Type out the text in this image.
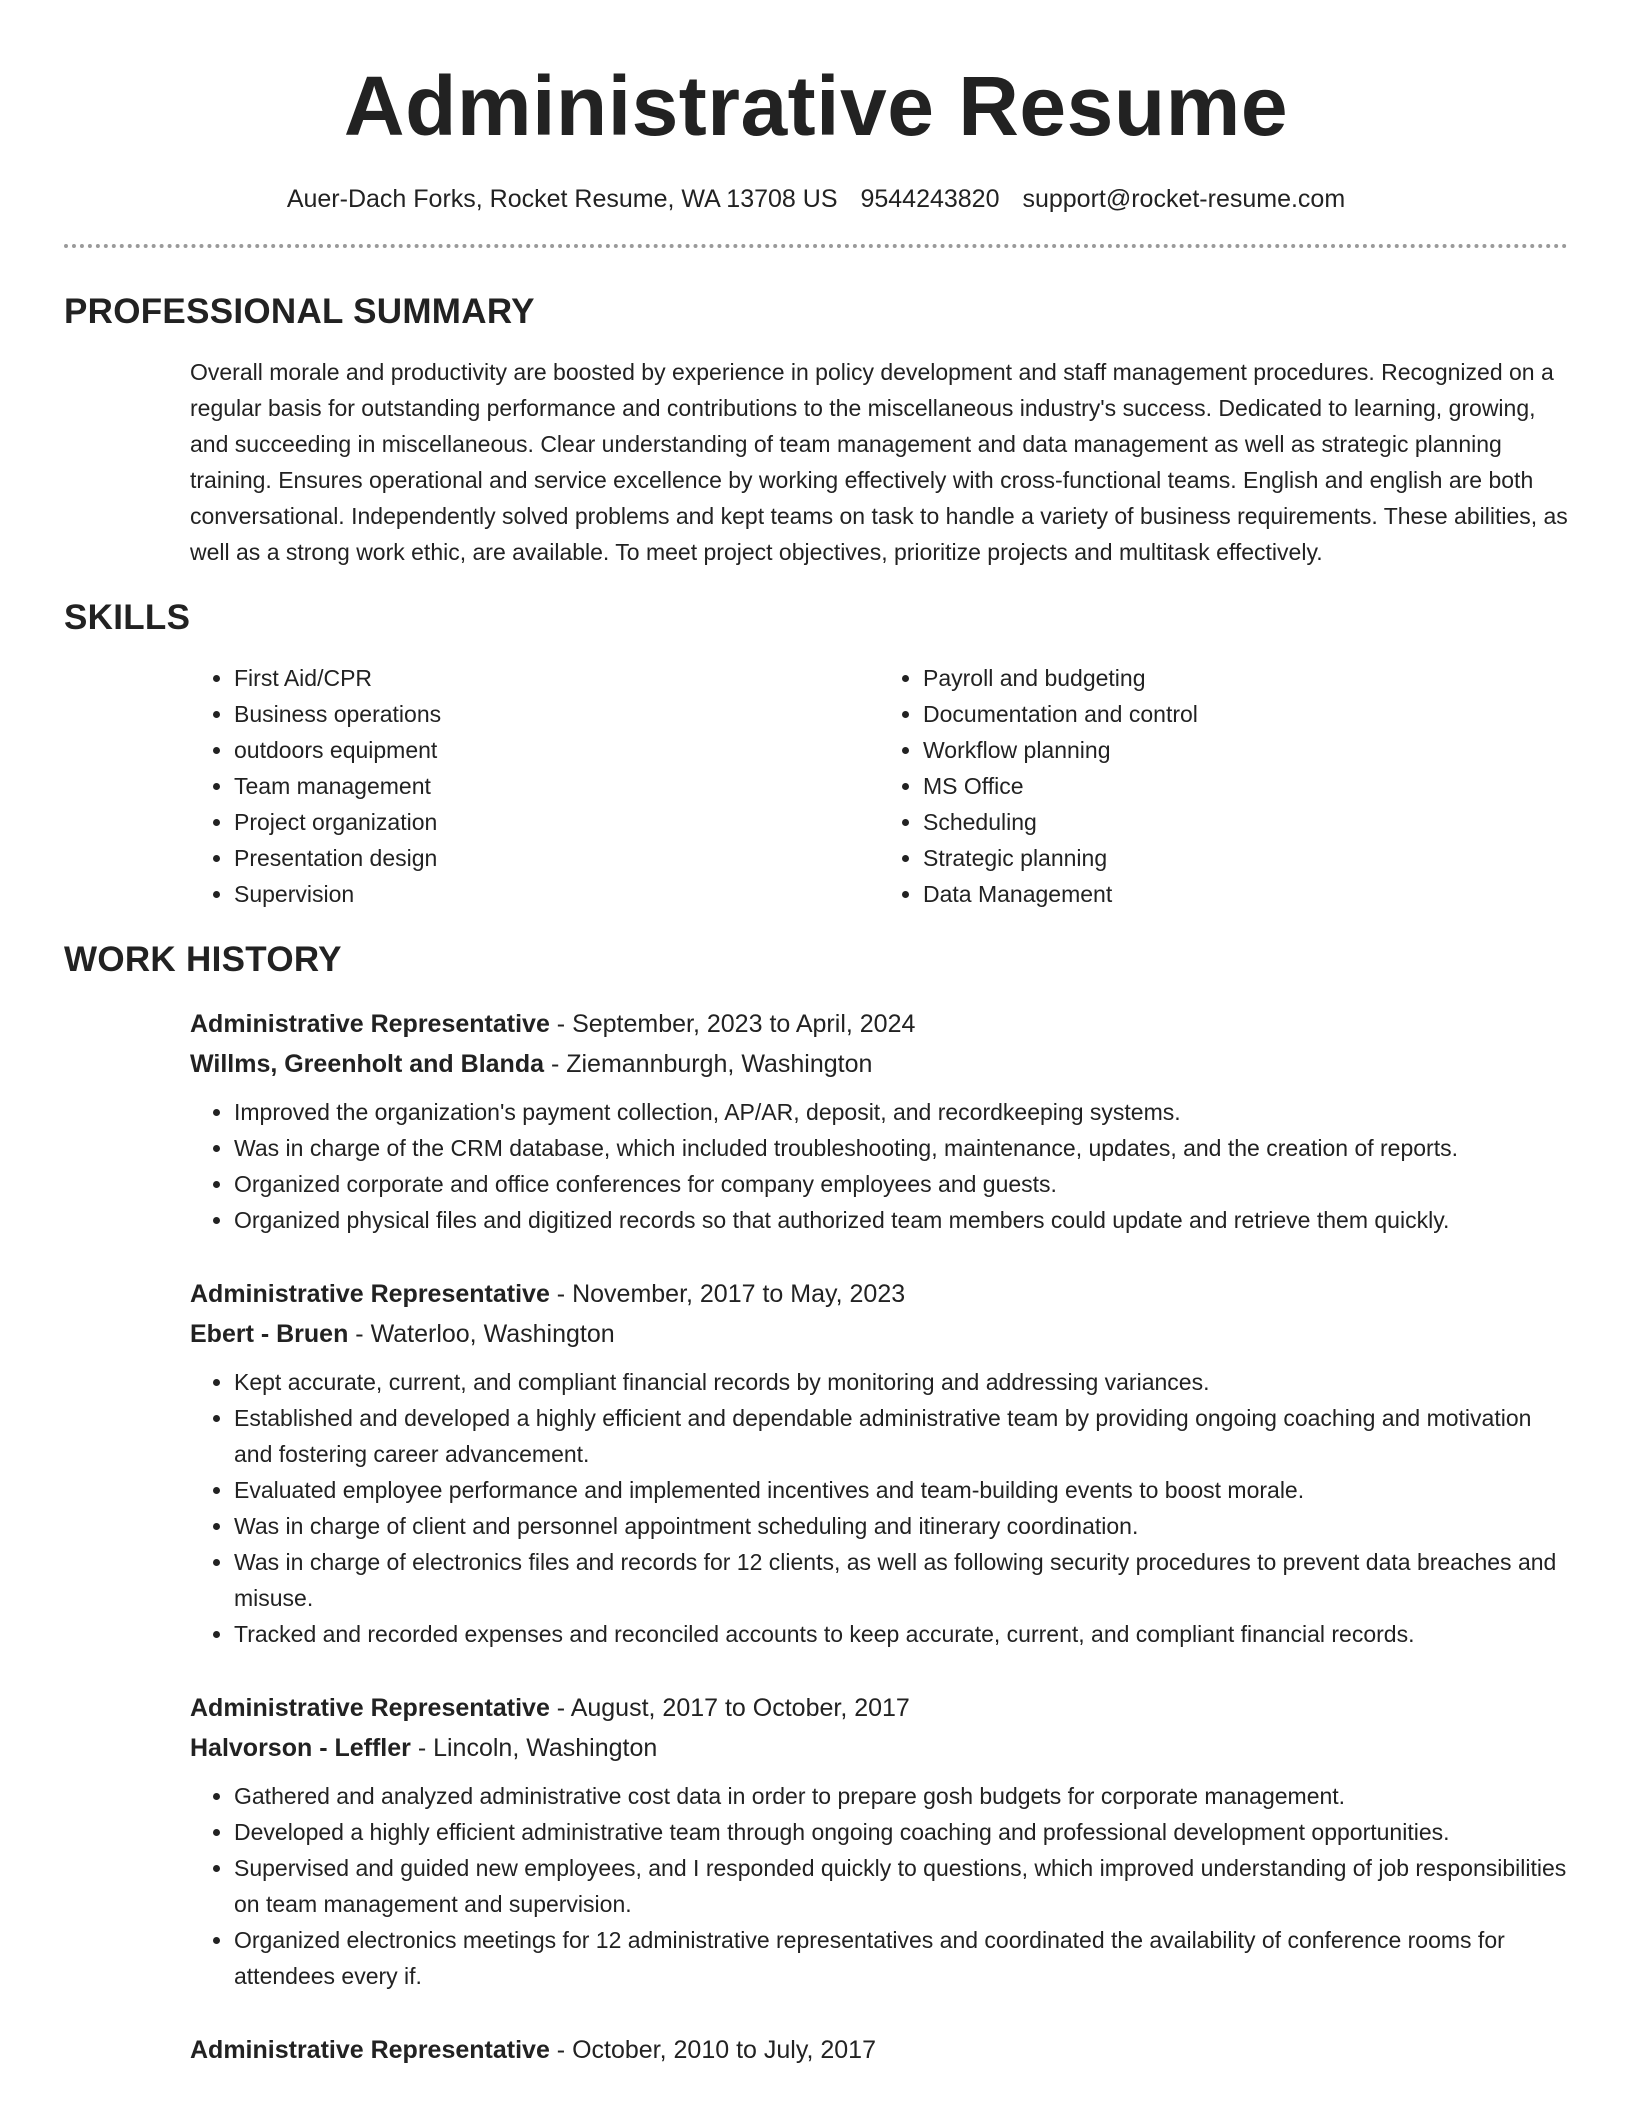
Administrative Resume
Auer-Dach Forks, Rocket Resume, WA 13708 US 9544243820 support@rocket-resume.com
PROFESSIONAL SUMMARY
Overall morale and productivity are boosted by experience in policy development and staff management procedures. Recognized on a regular basis for outstanding performance and contributions to the miscellaneous industry's success. Dedicated to learning, growing, and succeeding in miscellaneous. Clear understanding of team management and data management as well as strategic planning training. Ensures operational and service excellence by working effectively with cross-functional teams. English and english are both conversational. Independently solved problems and kept teams on task to handle a variety of business requirements. These abilities, as well as a strong work ethic, are available. To meet project objectives, prioritize projects and multitask effectively.
SKILLS
• First Aid/CPR
• Business operations
• outdoors equipment
• Team management
• Project organization
• Presentation design
• Supervision
• Payroll and budgeting
• Documentation and control
• Workflow planning
• MS Office
• Scheduling
• Strategic planning
• Data Management
WORK HISTORY
Administrative Representative - September, 2023 to April, 2024
Willms, Greenholt and Blanda - Ziemannburgh, Washington
• Improved the organization's payment collection, AP/AR, deposit, and recordkeeping systems.
• Was in charge of the CRM database, which included troubleshooting, maintenance, updates, and the creation of reports.
• Organized corporate and office conferences for company employees and guests.
• Organized physical files and digitized records so that authorized team members could update and retrieve them quickly.
Administrative Representative - November, 2017 to May, 2023
Ebert - Bruen - Waterloo, Washington
• Kept accurate, current, and compliant financial records by monitoring and addressing variances.
• Established and developed a highly efficient and dependable administrative team by providing ongoing coaching and motivation and fostering career advancement.
• Evaluated employee performance and implemented incentives and team-building events to boost morale.
• Was in charge of client and personnel appointment scheduling and itinerary coordination.
• Was in charge of electronics files and records for 12 clients, as well as following security procedures to prevent data breaches and misuse.
• Tracked and recorded expenses and reconciled accounts to keep accurate, current, and compliant financial records.
Administrative Representative - August, 2017 to October, 2017
Halvorson - Leffler - Lincoln, Washington
• Gathered and analyzed administrative cost data in order to prepare gosh budgets for corporate management.
• Developed a highly efficient administrative team through ongoing coaching and professional development opportunities.
• Supervised and guided new employees, and I responded quickly to questions, which improved understanding of job responsibilities on team management and supervision.
• Organized electronics meetings for 12 administrative representatives and coordinated the availability of conference rooms for attendees every if.
Administrative Representative - October, 2010 to July, 2017
